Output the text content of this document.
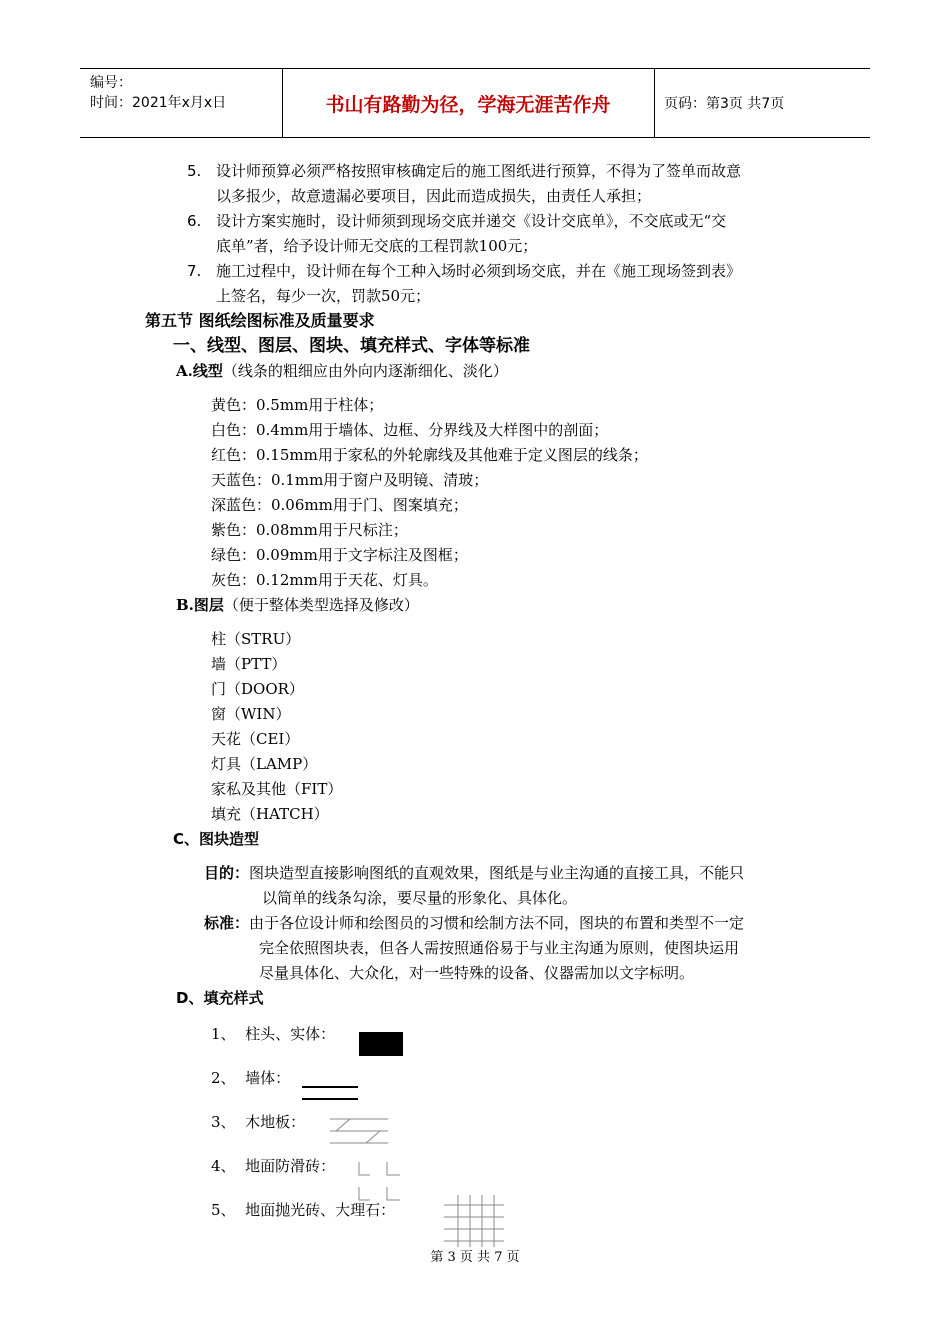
编号：
时间：2021年x月x日	书山有路勤为径，学海无涯苦作舟	页码：第3页 共7页
5. 设计师预算必须严格按照审核确定后的施工图纸进行预算，不得为了签单而故意
以多报少，故意遗漏必要项目，因此而造成损失，由责任人承担；
6. 设计方案实施时，设计师须到现场交底并递交《设计交底单》，不交底或无“交
底单”者，给予设计师无交底的工程罚款100元；
7. 施工过程中，设计师在每个工种入场时必须到场交底，并在《施工现场签到表》
上签名，每少一次，罚款50元；
第五节 图纸绘图标准及质量要求
一、线型、图层、图块、填充样式、字体等标准
A.线型（线条的粗细应由外向内逐渐细化、淡化）
黄色：0.5mm用于柱体；
白色：0.4mm用于墙体、边框、分界线及大样图中的剖面；
红色：0.15mm用于家私的外轮廓线及其他难于定义图层的线条；
天蓝色：0.1mm用于窗户及明镜、清玻；
深蓝色：0.06mm用于门、图案填充；
紫色：0.08mm用于尺标注；
绿色：0.09mm用于文字标注及图框；
灰色：0.12mm用于天花、灯具。
B.图层（便于整体类型选择及修改）
柱（STRU）
墙（PTT）
门（DOOR）
窗（WIN）
天花（CEI）
灯具（LAMP）
家私及其他（FIT）
填充（HATCH）
C、图块造型
目的：图块造型直接影响图纸的直观效果，图纸是与业主沟通的直接工具，不能只
以简单的线条勾涂，要尽量的形象化、具体化。
标准：由于各位设计师和绘图员的习惯和绘制方法不同，图块的布置和类型不一定
完全依照图块表，但各人需按照通俗易于与业主沟通为原则，使图块运用
尽量具体化、大众化，对一些特殊的设备、仪器需加以文字标明。
D、填充样式
1、 柱头、实体：
2、 墙体：
3、 木地板：
4、 地面防滑砖：
5、 地面抛光砖、大理石：
第 3 页 共 7 页
